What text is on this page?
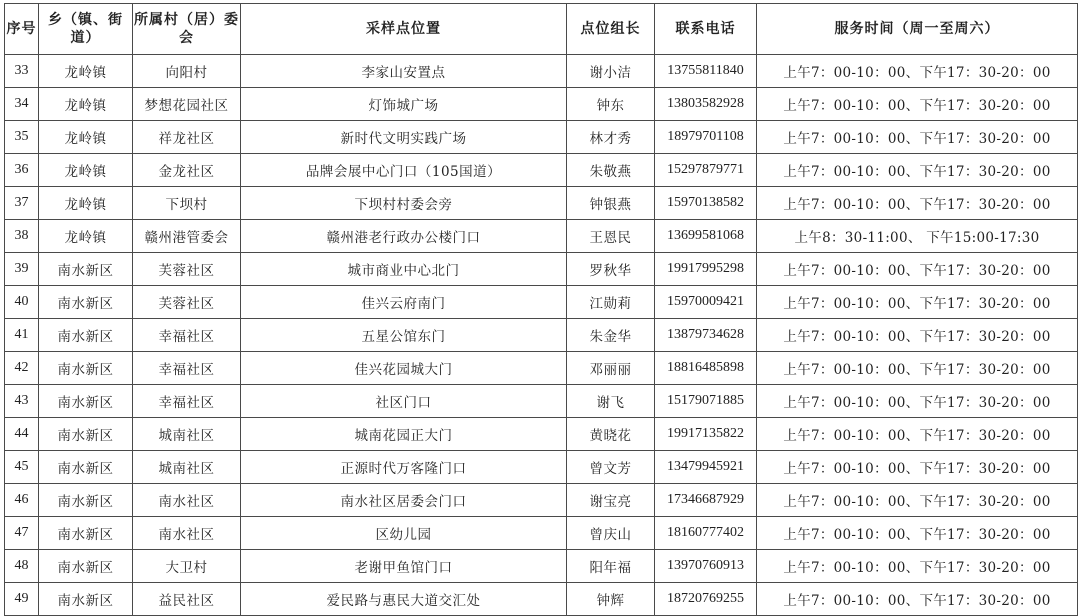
序号	乡（镇、街道）	所属村（居）委会	采样点位置	点位组长	联系电话	服务时间（周一至周六）
33	龙岭镇	向阳村	李家山安置点	谢小洁	13755811840	上午7：00-10：00、下午17：30-20：00
34	龙岭镇	梦想花园社区	灯饰城广场	钟东	13803582928	上午7：00-10：00、下午17：30-20：00
35	龙岭镇	祥龙社区	新时代文明实践广场	林才秀	18979701108	上午7：00-10：00、下午17：30-20：00
36	龙岭镇	金龙社区	品牌会展中心门口（105国道）	朱敬燕	15297879771	上午7：00-10：00、下午17：30-20：00
37	龙岭镇	下坝村	下坝村村委会旁	钟银燕	15970138582	上午7：00-10：00、下午17：30-20：00
38	龙岭镇	赣州港管委会	赣州港老行政办公楼门口	王恩民	13699581068	上午8：30-11:00、 下午15:00-17:30
39	南水新区	芙蓉社区	城市商业中心北门	罗秋华	19917995298	上午7：00-10：00、下午17：30-20：00
40	南水新区	芙蓉社区	佳兴云府南门	江勋莉	15970009421	上午7：00-10：00、下午17：30-20：00
41	南水新区	幸福社区	五星公馆东门	朱金华	13879734628	上午7：00-10：00、下午17：30-20：00
42	南水新区	幸福社区	佳兴花园城大门	邓丽丽	18816485898	上午7：00-10：00、下午17：30-20：00
43	南水新区	幸福社区	社区门口	谢飞	15179071885	上午7：00-10：00、下午17：30-20：00
44	南水新区	城南社区	城南花园正大门	黄晓花	19917135822	上午7：00-10：00、下午17：30-20：00
45	南水新区	城南社区	正源时代万客隆门口	曾文芳	13479945921	上午7：00-10：00、下午17：30-20：00
46	南水新区	南水社区	南水社区居委会门口	谢宝亮	17346687929	上午7：00-10：00、下午17：30-20：00
47	南水新区	南水社区	区幼儿园	曾庆山	18160777402	上午7：00-10：00、下午17：30-20：00
48	南水新区	大卫村	老谢甲鱼馆门口	阳年福	13970760913	上午7：00-10：00、下午17：30-20：00
49	南水新区	益民社区	爱民路与惠民大道交汇处	钟辉	18720769255	上午7：00-10：00、下午17：30-20：00
